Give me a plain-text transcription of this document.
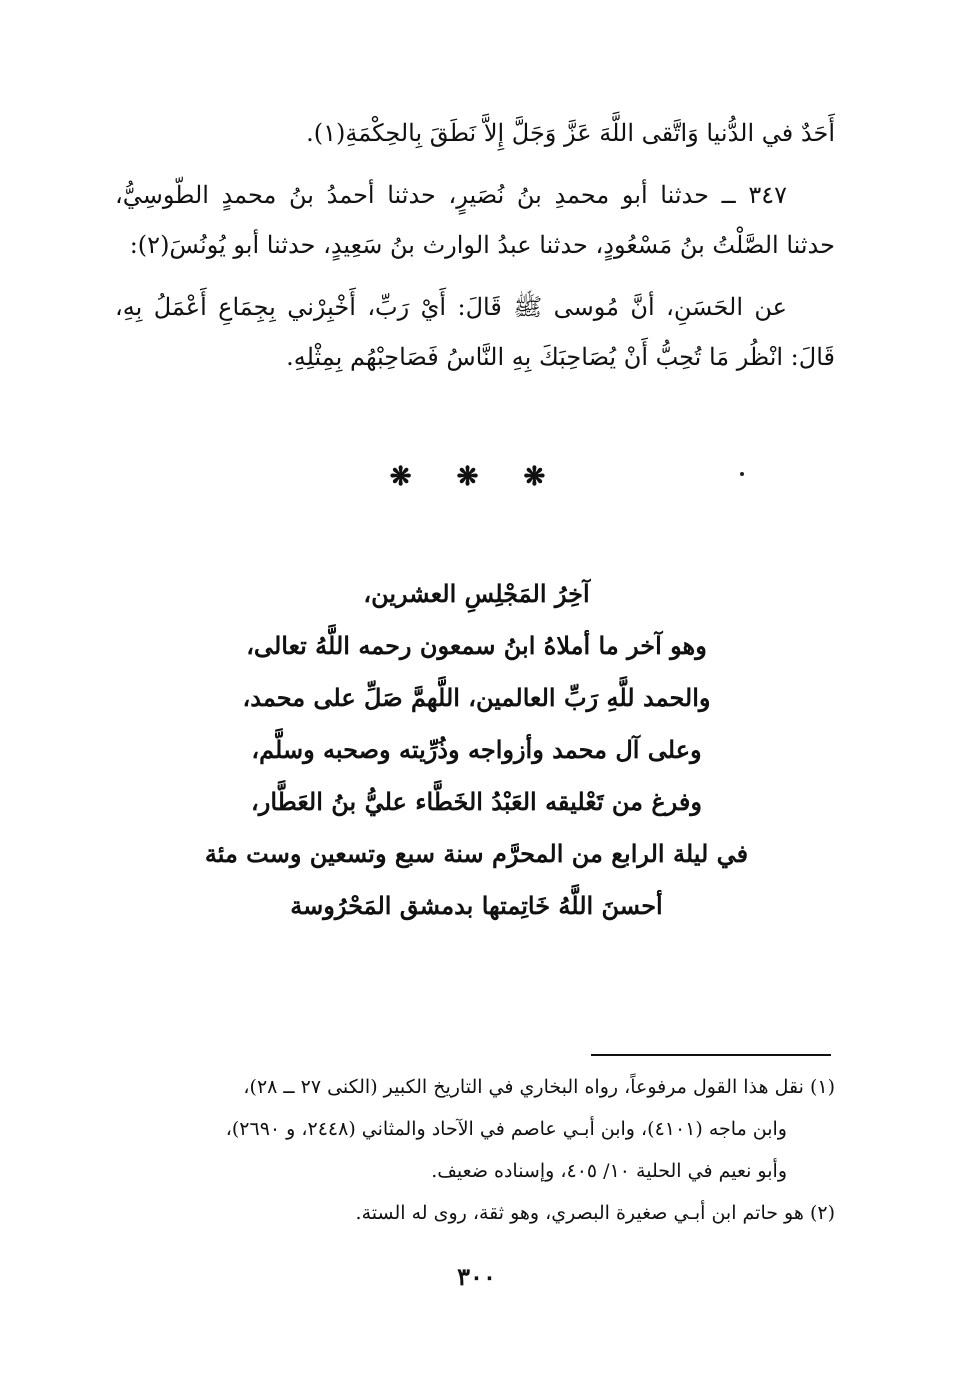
أَحَدٌ في الدُّنيا وَاتَّقى اللَّهَ عَزَّ وَجَلَّ إِلاَّ نَطَقَ بِالحِكْمَةِ(١).

٣٤٧ ــ حدثنا أبو محمدِ بنُ نُصَيرٍ، حدثنا أحمدُ بنُ محمدٍ الطّوسِيُّ، حدثنا الصَّلْتُ بنُ مَسْعُودٍ، حدثنا عبدُ الوارث بنُ سَعِيدٍ، حدثنا أبو يُونُسَ(٢):

عن الحَسَنِ، أنَّ مُوسى ﷺ قَالَ: أَيْ رَبِّ، أَخْبِرْني بِجِمَاعِ أَعْمَلُ بِهِ، قَالَ: انْظُر مَا تُحِبُّ أَنْ يُصَاحِبَكَ بِهِ النَّاسُ فَصَاحِبْهُم بِمِثْلِهِ.

❋ ❋ ❋
آخِرُ المَجْلِسِ العشرين،
وهو آخر ما أملاهُ ابنُ سمعون رحمه اللَّهُ تعالى،
والحمد للَّهِ رَبِّ العالمين، اللَّهمَّ صَلِّ على محمد،
وعلى آل محمد وأزواجه وذُرِّيته وصحبه وسلَّم،
وفرغ من تَعْليقه العَبْدُ الخَطَّاء عليُّ بنُ العَطَّار،
في ليلة الرابع من المحرَّم سنة سبع وتسعين وست مئة
أحسنَ اللَّهُ خَاتِمتها بدمشق المَحْرُوسة

(١) نقل هذا القول مرفوعاً، رواه البخاري في التاريخ الكبير (الكنى ٢٧ ــ ٢٨)،

وابن ماجه (٤١٠١)، وابن أبـي عاصم في الآحاد والمثاني (٢٤٤٨، و ٢٦٩٠)،

وأبو نعيم في الحلية ١٠/ ٤٠٥، وإسناده ضعيف.

(٢) هو حاتم ابن أبـي صغيرة البصري، وهو ثقة، روى له الستة.

٣٠٠
